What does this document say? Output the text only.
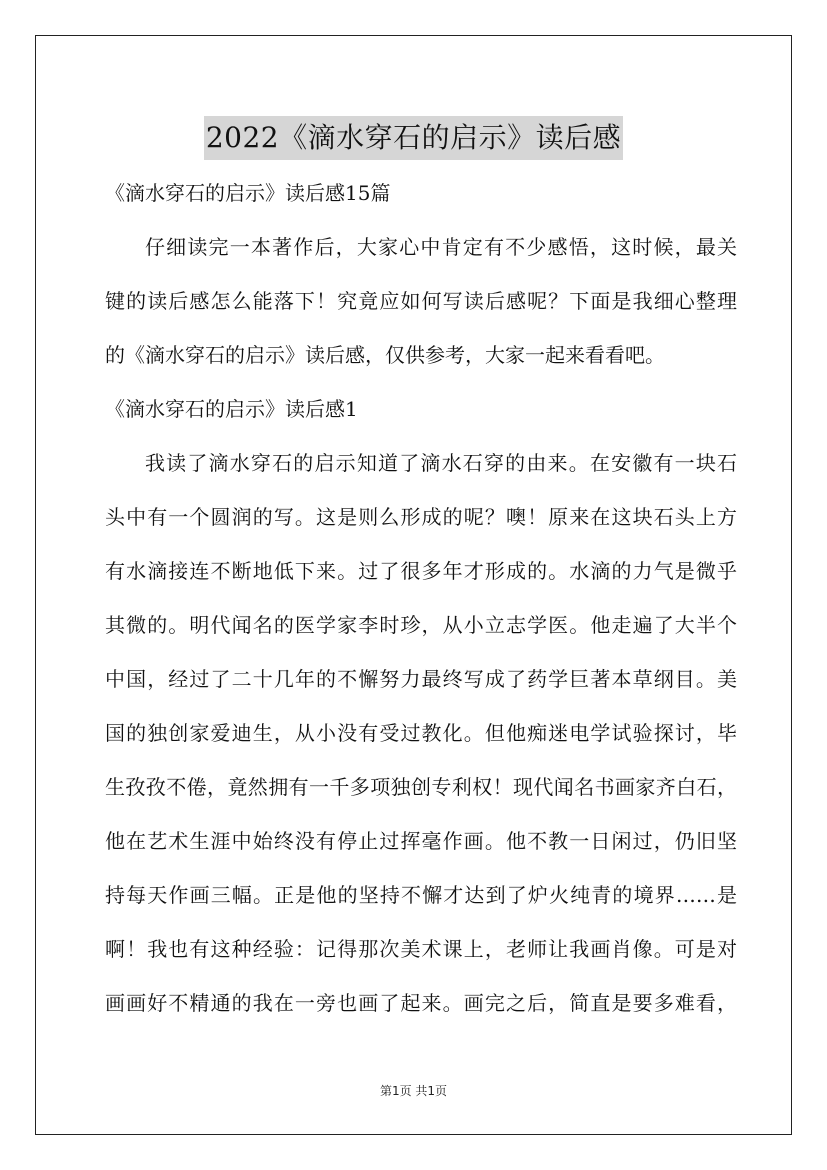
2022《滴水穿石的启示》读后感
《滴水穿石的启示》读后感15篇
仔细读完一本著作后，大家心中肯定有不少感悟，这时候，最关
键的读后感怎么能落下！究竟应如何写读后感呢？下面是我细心整理
的《滴水穿石的启示》读后感，仅供参考，大家一起来看看吧。
《滴水穿石的启示》读后感1
我读了滴水穿石的启示知道了滴水石穿的由来。在安徽有一块石
头中有一个圆润的写。这是则么形成的呢？噢！原来在这块石头上方
有水滴接连不断地低下来。过了很多年才形成的。水滴的力气是微乎
其微的。明代闻名的医学家李时珍，从小立志学医。他走遍了大半个
中国，经过了二十几年的不懈努力最终写成了药学巨著本草纲目。美
国的独创家爱迪生，从小没有受过教化。但他痴迷电学试验探讨，毕
生孜孜不倦，竟然拥有一千多项独创专利权！现代闻名书画家齐白石，
他在艺术生涯中始终没有停止过挥毫作画。他不教一日闲过，仍旧坚
持每天作画三幅。正是他的坚持不懈才达到了炉火纯青的境界……是
啊！我也有这种经验：记得那次美术课上，老师让我画肖像。可是对
画画好不精通的我在一旁也画了起来。画完之后，简直是要多难看，
第1页 共1页
